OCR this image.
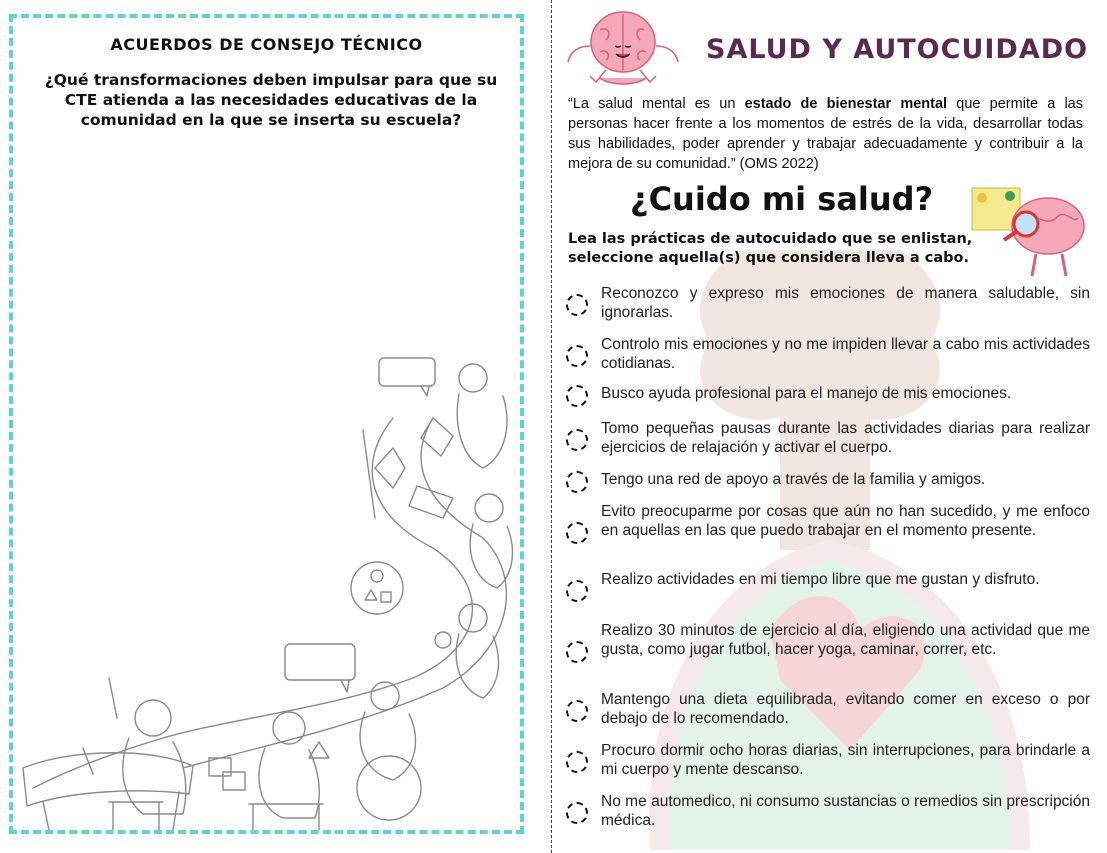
ACUERDOS DE CONSEJO TÉCNICO
¿Qué transformaciones deben impulsar para que su CTE atienda a las necesidades educativas de la comunidad en la que se inserta su escuela?
SALUD Y AUTOCUIDADO
“La salud mental es un estado de bienestar mental que permite a las personas hacer frente a los momentos de estrés de la vida, desarrollar todas sus habilidades, poder aprender y trabajar adecuadamente y contribuir a la mejora de su comunidad.” (OMS 2022)
¿Cuido mi salud?
Lea las prácticas de autocuidado que se enlistan, seleccione aquella(s) que considera lleva a cabo.
Reconozco y expreso mis emociones de manera saludable, sin ignorarlas.
Controlo mis emociones y no me impiden llevar a cabo mis actividades cotidianas.
Busco ayuda profesional para el manejo de mis emociones.
Tomo pequeñas pausas durante las actividades diarias para realizar ejercicios de relajación y activar el cuerpo.
Tengo una red de apoyo a través de la familia y amigos.
Evito preocuparme por cosas que aún no han sucedido, y me enfoco en aquellas en las que puedo trabajar en el momento presente.
Realizo actividades en mi tiempo libre que me gustan y disfruto.
Realizo 30 minutos de ejercicio al día, eligiendo una actividad que me gusta, como jugar futbol, hacer yoga, caminar, correr, etc.
Mantengo una dieta equilibrada, evitando comer en exceso o por debajo de lo recomendado.
Procuro dormir ocho horas diarias, sin interrupciones, para brindarle a mi cuerpo y mente descanso.
No me automedico, ni consumo sustancias o remedios sin prescripción médica.
